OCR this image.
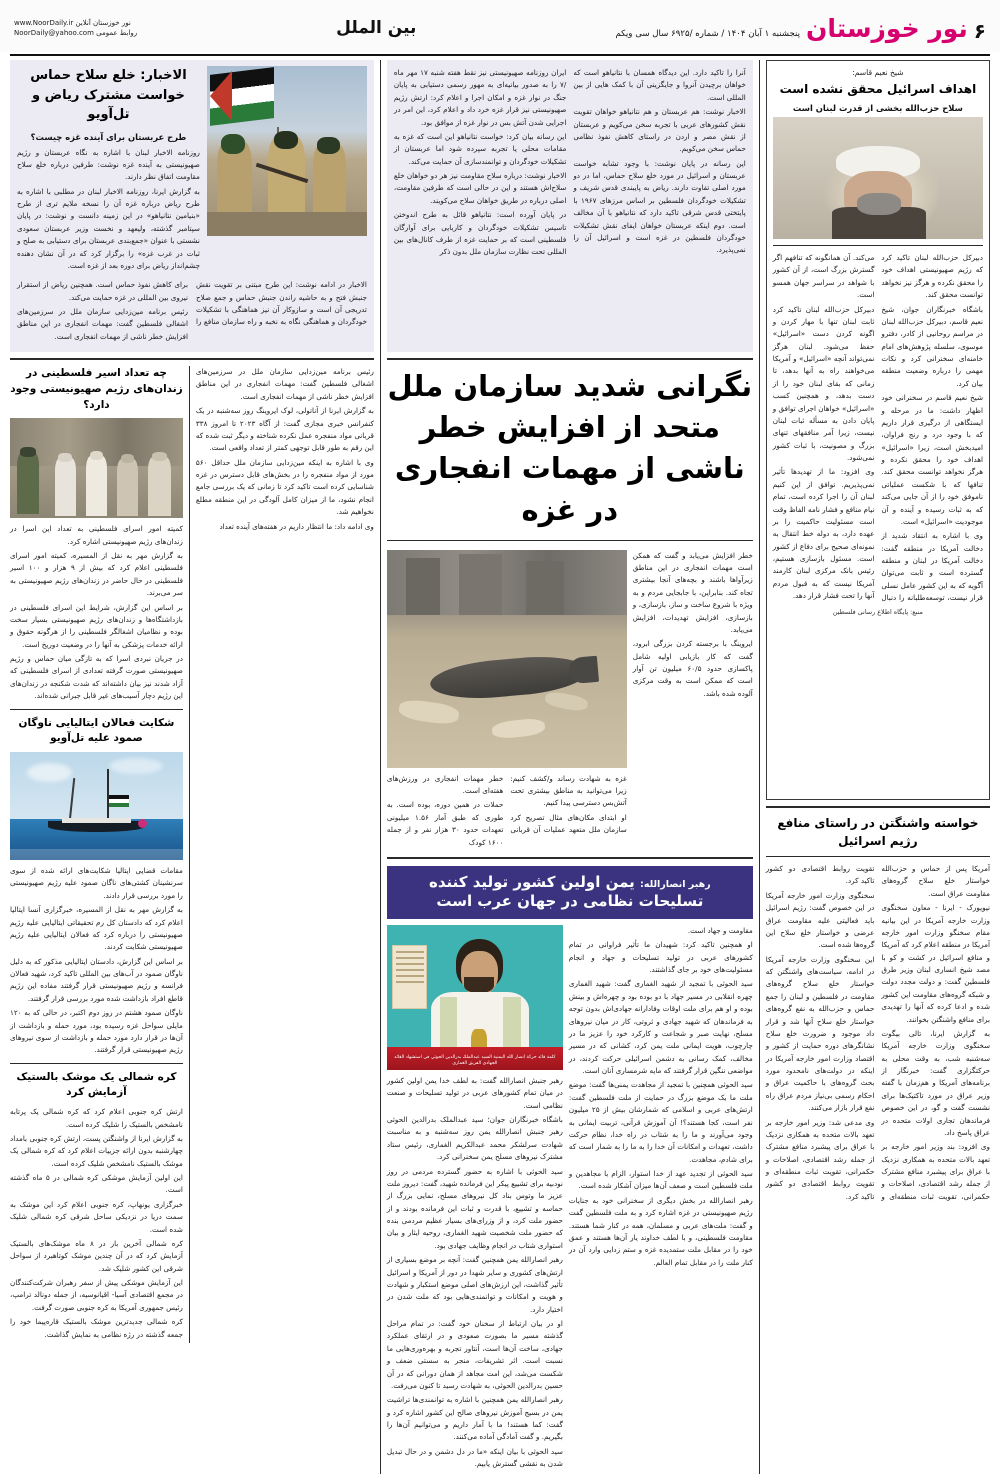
۶
نور خوزستان
پنجشنبه ۱ آبان ۱۴۰۴ / شماره /۶۹۲۵ سال سی ویکم
بین الملل
www.NoorDaily.ir نور خوزستان آنلاین
NoorDaily@yahoo.com روابط عمومی
شیخ نعیم قاسم:
اهداف اسرائیل محقق نشده است
سلاح حزب‌الله بخشی از قدرت لبنان است

دبیرکل حزب‌الله لبنان تاکید کرد که رژیم صهیونیستی اهداف خود را محقق نکرده و هرگز نیز نخواهد توانست محقق کند.

باشگاه خبرنگاران جوان، شیخ نعیم قاسم، دبیرکل حزب‌الله لبنان در مراسم روحانیی از کادر، دفترو موسوی، سلسله پژوهش‌های امام خامنه‌ای سخنرانی کرد و نکات مهمی را درباره وضعیت منطقه بیان کرد.

شیخ نعیم قاسم در سخنرانی خود اظهار داشت: ما در مرحله و ایستگاهی از درگیری قرار داریم که با وجود درد و رنج فراوان، امیدبخش است، زیرا «اسرائیل» اهداف خود را محقق نکرده و هرگز نخواهد توانست محقق کند. تنافها که با شکست عملیاتی ناموفق خود را از آن جایی می‌کند که به ثبات رسیده و آینده و آن موجودیت «اسرائیل» است.

وی با اشاره به انتقاد شدید از دخالت آمریکا در منطقه گفت: دخالت آمریکا در لبنان و منطقه گسترده است و ثابت می‌توان آگویه که به این کشور عامل نسلی قرار نیست، توسعه‌طلبانه را دنبال می‌کند. آن همانگونه که تنافهم اگر گسترش بزرگ است، از آن کشور با شواهد در سراسر جهان همسو است.

دبیرکل حزب‌الله لبنان تاکید کرد ثابت لبنان تنها با مهار کردن و اگونه کردن دست «اسرائیل» حفظ می‌شود. لبنان هرگز نمی‌تواند آنچه «اسرائیل» و آمریکا می‌خواهند راه به آنها بدهد، تا زمانی که بقای لبنان خود را از دست بدهد، و همچنین کسب «اسرائیل» خواهان اجرای توافق و پایان دادن به مسأله ثبات لبنان نیست، زیرا آمر منافقهای تنهای بزرگ و مصونیت، با ثبات کشور نمی‌شود.

وی افزود: ما از تهدیدها تأثیر نمی‌پذیریم. توافق از این کنیم لبنان آن را اجرا کرده است، تمام نیام منافع و فشار نامه الفاظ وقت است مسئولیت حاکمیت را بر عهده دارد، به دوله خط انتقال به نمونه‌ای صحیح برای دفاع از کشور است. مسئول بازسازی هستیم، رئیس بانک مرکزی لبنان کارمند آمریکا نیست که به قبول مردم آنها را تحت فشار قرار دهد.

منبع: پایگاه اطلاع رسانی فلسطین
خواسته واشنگتن در راستای منافع رژیم اسرائیل

آمریکا پس از حماس و حزب‌الله خواستار خلع سلاح گروه‌های مقاومت عراق است.

نیویورک - ایرنا - معاون سخنگوی وزارت خارجه آمریکا در این بیانیه مقام سخنگو وزارت امور خارجه آمریکا در منطقه اعلام کرد که آمریکا و منافع اسرائیل در کشت و کو با مصد شیخ انساری لبنان وزیر طرق فلسطین گفت: و دولت مجدد دولت و شبکه گروه‌های مقاومت این کشور شده و ادعا کرده که آنها را تهدیدی برای منافع واشنگتن بخوانند.

به گزارش ایرنا، تالی بیگوت سخنگوی وزارت خارجه آمریکا سه‌شنبه شب، به وقت محلی به حرکتگزاری گفت: خبرنگار از برنامه‌های آمریکا و هم‌زمان با گفته وزیر عراق در مورد تاکتیک‌ها برای نشست گفت و گو، در این خصوص فرماندهان تجاری اولات متحده در عراق پاسخ داد.

وی افزود: بند وزیر امور خارجه بر تعهد بالات متحده به همکاری نزدیک با عراق برای پیشبرد منافع مشترک از جمله رشد اقتصادی، اصلاحات و حکمرانی، تقویت ثبات منطقه‌ای و تقویت روابط اقتصادی دو کشور تاکید کرد.

سخنگوی وزارت امور خارجه آمریکا در این خصوص گفت: رژیم اسرائیل باید فعالیتی علیه مقاومت عراق عرضی و خواستار خلع سلاح این گروه‌ها شده است.

این سخنگوی وزارت خارجه آمریکا در ادامه، سیاست‌های واشنگتن که خواستار خلع سلاح گروه‌های مقاومت در فلسطین و لبنان را جمع حماس و حزب‌الله به نفع گروه‌های خواستار خلع سلاح آنها شد و قرار داد موجود و ضرورت خلع سلاح نشانگر‌های دوره حمایت از کشور و اقتصاد وزارت امور خارجه آمریکا در اینکه در دولت‌های نامحدود مورد بحث گروه‌های با حاکمیت عراق و احکام رسمی بی‌نیاز مردم عراق راه نفع قرار بازار می‌کنند.

وی مدعی شد: وزیر امور خارجه بر تعهد بالات متحده به همکاری نزدیک با عراق برای پیشبرد منافع مشترک از جمله رشد اقتصادی، اصلاحات و حکمرانی، تقویت ثبات منطقه‌ای و تقویت روابط اقتصادی دو کشور تاکید کرد.

آنرا را تاکید دارد. این دیدگاه همسان با نتانیاهو است که خواهان برچیدن آنروا و جایگزینی آن با کمک هایی از بین المللی است.

الاخبار نوشت: هم عربستان و هم نتانیاهو خواهان تقویت نقش کشورهای عربی با تجربه سخن می‌کویم و عربستان از نقش مصر و اردن در راستای کاهش نفوذ نظامی حماس سخن می‌کویم.

این رسانه در پایان نوشت: با وجود تشابه خواست عربستان و اسرائیل در مورد خلع سلاح حماس، اما در دو مورد اصلی تفاوت دارند. ریاض به پایبندی قدس شریف و تشکیلات خودگردان فلسطین بر اساس مرزهای ۱۹۶۷ با پایتختی قدس شرقی تاکید دارد که نتانیاهو با آن مخالف است. دوم اینکه عربستان خواهان ایفای نقش تشکیلات خودگردان فلسطین در غزه است و اسرائیل آن را نمی‌پذیرد.

ایران روزنامه صهیونیستی نیز نقط هفته شنبه ۱۷ مهر ماه /۷ را به صدور بیانیه‌ای به مهور رسمی دستیابی به پایان جنگ در نوار غزه و امکان اجرا و اعلام کرد: ارتش رژیم صهیونیستی نیز قرار غزه خرد داد و اعلام کرد، این امر در اجرایی شدن آتش بس در نوار غزه از موافق بود.

این رسانه بیان کرد: خواست نتانیاهو این است که غزه به مقامات محلی یا تجربه سپرده شود اما عربستان از تشکیلات خودگردان و توانمندسازی آن حمایت می‌کند.

الاخبار نوشت: درباره سلاح مقاومت نیز هر دو خواهان خلع سلاح‌اش هستند و این در حالی است که طرفین مقاومت، اصلی درباره در طریق خواهان سلاح می‌کویند.

در پایان آورده است: نتانیاهو قائل به طرح اندوختن تاسیس تشکیلات خودگردان و کاربایی برای آوارگان فلسطینی است که بر حمایت غزه از طرف کانال‌های بین المللی تحت نظارت سازمان ملل بدون ذکر

نگرانی شدید سازمان ملل متحد از افزایش خطر ناشی از مهمات انفجاری در غزه

خطر افزایش می‌یابد و گفت که همکن است مهمات انفجاری در این مناطق زیرآواها باشند و بچه‌های آنجا بیشتری تجاه کند. بنابراین، با جابجایی مردم و به ویژه با شروع ساخت و ساز، بازسازی، و بازسازی، افزایش تهدیدات، افزایش می‌یابد.

ایروینگ با برجسته کردن بزرگی ابرود، گفت که کار بازیابی اولیه شامل پاکسازی حدود ۶۰/۵ میلیون تن آوار است که ممکن است به وقت مرکزی آلوده شده باشد.

غزه به شهادت رساند و/کشف کنیم: زیرا می‌توانید به مناطق بیشتری تحت آتش‌بس دسترسی پیدا کنیم.

او ابتدای مکان‌های مثال تصریح کرد سازمان ملل متعهد عملیات آن قربانی خطر مهمات انفجاری در ورزش‌های هفته‌ای است.

حملات در همین دوره، بوده است. به طوری که طبق آمار ۱.۵۶ میلیونی تعهدات حدود ۳۰ هزار نفر و از جمله ۱۶۰۰ کودک

رهبر انصارالله: یمن اولین کشور تولید کننده تسلیحات نظامی در جهان عرب است

مقاومت و جهاد است.

او همچنین تاکید کرد: شهیدان ما تأثیر فراوانی در تمام کشورهای عربی در تولید تسلیحات و جهاد و انجام مسئولیت‌های خود بر جای گذاشتند.

سید الحوثی با تمجید از شهید الغماری گفت: شهید الغماری چهره انقلابی در مسیر جهاد با دو بوده بود و چهره‌اش و بینش بوده و او هم برای ملت اوقات وفادارانه جهادی‌اش بدون توجه به فرماندهان که شهید جهادی و ثروتی، کار در میان نیروهای مسلح، نهایت صبر و شجاعت و کارکرد خود را عزیز ما در چارچوب، هویت ایمانی ملت یمن کرد، کشانی که در مسیر مخالف، کمک رسانی به دشمن اسرائیلی حرکت کردند، در مواضعی ننگین قرار گرفتند که مایه شرمساری آنان است.

سید الحوثی همچنین با تمجید از مجاهدت یمنی‌ها گفت: موضع ملت ما یک موضع بزرگ در حمایت از ملت فلسطین گفت: ارتش‌های عربی و اسلامی که شمارشان بیش از ۲۵ میلیون نفر است، کجا هستند؟! آن آموزش قرآنی، تربیت ایمانی به وجود می‌آورند و ما را به شتاب در راه خدا، نظام حرکت داشت، تعهدات و امکانات آن خدا را به ما را به شمار است که برای شادم، مجاهدت.

سید الحوثی از تجدید عهد از خدا استوار، الزام با مجاهدین و ملت فلسطین است و صعف آن‌ها میزان آشکار شده است.

رهبر انصارالله در بخش دیگری از سخنرانی خود به جنایات رژیم صهیونیستی در غزه اشاره کرد و به ملت فلسطین گفت و گفت: ملت‌های عربی و مسلمان، همه در کنار شما هستند. مقاومت فلسطینی، و با لطف خداوند یار آن‌ها هستند و عمق خود را در مقابل ملت ستمدیده غزه و ستم زدایی وارد آن در کنار ملت را در مقابل تمام العالم.

كلمة قائد حركة انصار الله اليمنية السيد عبدالملك بدرالدين الحوثي في استشهاد القائد الجهادي الفريق الغماري

رهبر جنبش انصارالله گفت: به لطف خدا یمن اولین کشور در میان تمام کشورهای عربی در تولید تسلیحات و صنعت نظامی است.

باشگاه خبرنگاران جوان؛ سید عبدالملک بدرالدین الحوثی رهبر جنبش انصارالله یمن روز سه‌شنبه و به مناسبت شهادت سرلشکر محمد عبدالکریم الغماری، رئیس ستاد مشترک نیروهای مسلح یمن سخنرانی کرد.

سید الحوثی با اشاره به حضور گسترده مردمی در روز نودبیه برای تشییع پیکر این فرمانده شهید، گفت: دیروز ملت عزیز ما وتوس بناد کل نیروهای مسلح، نمایی بزرگ از حماسه و تشییع، با قدرت و ثبات این فرمانده بودند و از حضور ملت کرد، و از وزرای‌های بسیار عظیم مردمی بنده که حضور ملت شخصیت شهید الغماری، روحیه ایثار و بیان استواری شتاب در انجام وظایف جهادی بود.

رهبر انصارالله یمن همچنین گفت: آنچه بر موضع بسیاری از ارتش‌های کشوری و سایر شهدا در دور از آمریکا و اسرائیل تأثیر گذاشت، این ارزش‌های اصلی موضع استکبار و شهادت و هویت و امکانات و توانمندی‌هایی بود که ملت شدن در اختیار دارد.

او در بیان ارتباط از سخنان خود گفت: در تمام مراحل گذشته مسیر ما بصورت صعودی و در ارتقای عملکرد جهادی، ساخت آن‌ها است، آنتاور تجربه و بهره‌وری‌هایی ما نسبت است. اثر تشریفات، منجر به سستی ضعف و شکست می‌شد، این امت مجاهد از همان دورانی که در آن حسین بدرالدین الحوثی، به شهادت رسید تا کنون می‌رفت.

رهبر انصارالله یمن همچنین با اشاره به توانمندی‌ها تراشیت یمن در بسیج آموزش نیروهای صالح این کشور اشاره کرد و گفت: کما هستند! ما با آمار داریم و می‌توانیم آن‌ها را بگیریم. و گفت آمادگی آماده می‌کنند.

سید الحوثی با بیان اینکه «ما در دل دشمن و در حال تبدیل شدن به نقشی گسترش یابیم.

الاخبار: خلع سلاح حماس خواست مشترک ریاض و تل‌آویو
طرح عربستان برای آینده غزه چیست؟

روزنامه الاخبار لبنان با اشاره به نگاه عربستان و رژیم صهیونیستی به آینده غزه نوشت: طرفین درباره خلع سلاح مقاومت اتفاق نظر دارند.

به گزارش ایرنا، روزنامه الاخبار لبنان در مطلبی با اشاره به طرح ریاض درباره غزه آن را نسخه ملایم تری از طرح «بنیامین نتانیاهو» در این زمینه دانست و نوشت: در پایان سپتامبر گذشته، ولیعهد و نخست وزیر عربستان سعودی نشستی با عنوان «جمع‌بندی عربستان برای دستیابی به صلح و ثبات در غرب غزه» را برگزار کرد که در آن نشان دهنده چشم‌انداز ریاض برای دوره بعد از غزه است.

الاخبار در ادامه نوشت: این طرح مبتنی بر تقویت نقش جنبش فتح و به حاشیه راندن جنبش حماس و جمع صلاح تدریجی آن است و سازوکار آن نیز هماهنگی با تشکیلات خودگردان و هماهنگی نگاه به نخبه و راه سازمان منافع را برای کاهش نفوذ حماس است. همچنین ریاض از استقرار نیروی بین المللی در غزه حمایت می‌کند.

رئیس برنامه مین‌زدایی سازمان ملل در سرزمین‌های اشغالی فلسطین گفت: مهمات انفجاری در این مناطق افزایش خطر ناشی از مهمات انفجاری است.

رئیس برنامه مین‌زدایی سازمان ملل در سرزمین‌های اشغالی فلسطین گفت: مهمات انفجاری در این مناطق افزایش خطر ناشی از مهمات انفجاری است.

به گزارش ایرنا از آناتولی، لوک ایروینگ روز سه‌شنبه در یک کنفرانس خبری مجازی گفت: از آگاه ۲۰۲۳ تا امروز ۳۳۸ قربانی مواد منفجره عمل نکرده شناخته و دیگر ثبت شده که این رقم به طور قابل توجهی کمتر از تعداد واقعی است.

وی با اشاره به اینکه مین‌زدایی سازمان ملل حداقل ۵۶۰ مورد از مواد منفجره را در بخش‌های قابل دسترس در غزه شناسایی کرده است تاکید کرد تا زمانی که یک بررسی جامع انجام نشود، ما از میزان کامل آلودگی در این منطقه مطلع نخواهیم شد.

وی ادامه داد: ما انتظار داریم در هفته‌های آینده تعداد

چه تعداد اسیر فلسطینی در زندان‌های رژیم صهیونیستی وجود دارد؟

کمیته امور اسرای فلسطینی به تعداد این اسرا در زندان‌های رژیم صهیونیستی اشاره کرد.

به گزارش مهر به نقل از المسیره، کمیته امور اسرای فلسطینی اعلام کرد که بیش از ۹ هزار و ۱۰۰ اسیر فلسطینی در حال حاضر در زندان‌های رژیم صهیونیستی به سر می‌برند.

بر اساس این گزارش، شرایط این اسرای فلسطینی در بازداشتگاه‌ها و زندان‌های رژیم صهیونیستی بسیار سخت بوده و نظامیان اشغالگر فلسطینی را از هرگونه حقوق و ارائه خدمات پزشکی به آنها را در وضعیت دوریخ است.

در جریان نبردی اسرا که به تازگی میان حماس و رژیم صهیونیستی صورت گرفته تعدادی از اسرای فلسطینی که آزاد شدند نیز بیان داشته‌اند که شدت شکنجه در زندان‌های این رژیم دچار آسیب‌های غیر قابل جبرانی شده‌اند.

شکایت فعالان ایتالیایی ناوگان صمود علیه تل‌آویو

مقامات قضایی ایتالیا شکایت‌های ارائه شده از سوی سرنشینان کشتی‌های ناگان صمود علیه رژیم صهیونیستی را مورد بررسی قرار دادند.

به گزارش مهر به نقل از المسیره، خبرگزاری آنسا ایتالیا اعلام کرد که دادستان کل رم تحقیقاتی ایتالیایی علیه رژیم صهیونیستی را درباره کرد که فعالان ایتالیایی علیه رژیم صهیونیستی شکایت کردند.

بر اساس این گزارش، دادستان ایتالیایی مذکور که به دلیل ناوگان صمود در آب‌های بین المللی تاکید کرد، شهید فعالان فرانسه و رژیم صهیونیستی قرار گرفتند مفاده این رژیم قاطع افراد بازداشت شده مورد بررسی قرار گرفتند.

ناوگان صمود هشتم در روز دوم اکتبر، در حالی که به ۱۲۰ مایلی سواحل غزه رسیده بود، مورد حمله و بازداشت از آن‌ها در قرار دارد مورد حمله و بازداشت از سوی نیروهای رژیم صهیونیستی قرار گرفتند.

کره شمالی یک موشک بالستیک آزمایش کرد

ارتش کره جنوبی اعلام کرد که کره شمالی یک پرتابه نامشخص بالستیک را شلیک کرده است.

به گزارش ایرنا از واشنگتن پست، ارتش کره جنوبی بامداد چهارشنبه بدون ارائه جزییات اعلام کرد که کره شمالی یک موشک بالستیک نامشخص شلیک کرده است.

این اولین آزمایش موشکی کره شمالی در ۵ ماه گذشته است.

خبرگزاری یونهاپ، کره جنوبی اعلام کرد این موشک به سمت دریا در نزدیکی ساحل شرقی کره شمالی شلیک شده است.

کره شمالی آخرین بار در ۸ ماه موشک‌های بالستیک آزمایش کرد که در آن چندین موشک کوتاهبرد از سواحل شرقی این کشور شلیک شد.

این آزمایش موشکی پیش از سفر رهبران شرکت‌کنندگان در مجمع اقتصادی آسیا- اقیانوسیه، از جمله دونالد ترامپ، رئیس جمهوری آمریکا به کره جنوبی صورت گرفت.

کره شمالی جدیدترین موشک بالستیک قاره‌پیما خود را جمعه گذشته در رژه نظامی به نمایش گذاشت.
